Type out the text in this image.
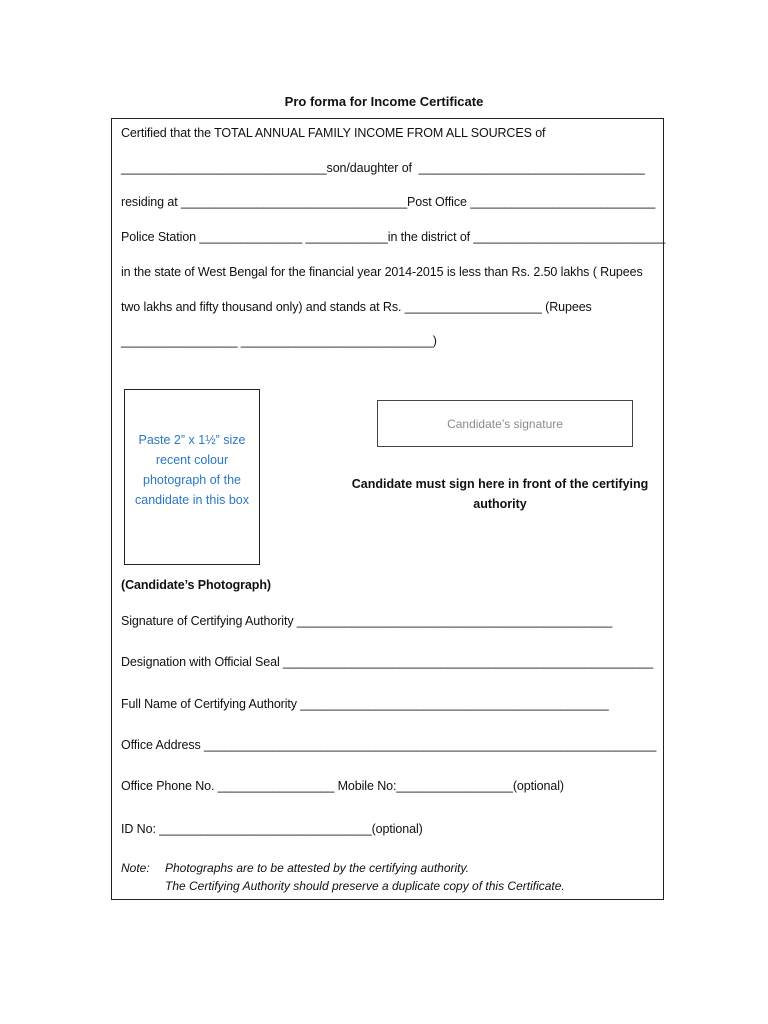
Pro forma for Income Certificate
Certified that the TOTAL ANNUAL FAMILY INCOME FROM ALL SOURCES of
______________________________son/daughter of  _________________________________
residing at _________________________________Post Office ___________________________
Police Station _______________ ____________in the district of ____________________________
in the state of West Bengal for the financial year 2014-2015 is less than Rs. 2.50 lakhs ( Rupees
two lakhs and fifty thousand only) and stands at Rs. ____________________ (Rupees
_________________ ____________________________)
Paste 2” x 1½” size recent colour photograph of the candidate in this box
Candidate’s signature
Candidate must sign here in front of the certifying authority
(Candidate’s Photograph)
Signature of Certifying Authority ______________________________________________
Designation with Official Seal ______________________________________________________
Full Name of Certifying Authority _____________________________________________
Office Address __________________________________________________________________
Office Phone No. _________________ Mobile No:_________________(optional)
ID No: _______________________________(optional)
Note: Photographs are to be attested by the certifying authority.
The Certifying Authority should preserve a duplicate copy of this Certificate.
